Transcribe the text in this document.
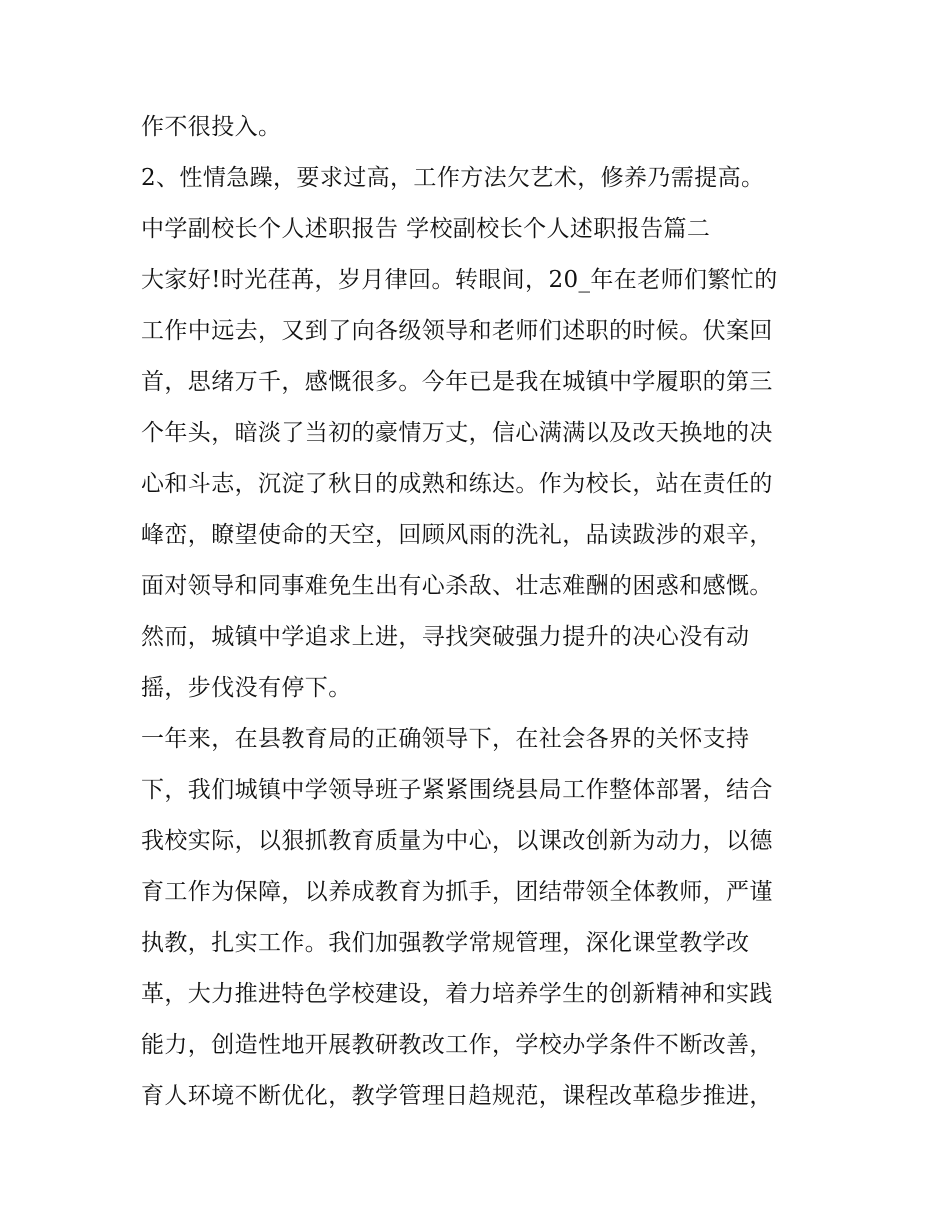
作不很投入。
2、性情急躁，要求过高，工作方法欠艺术，修养乃需提高。
中学副校长个人述职报告 学校副校长个人述职报告篇二
大家好!时光荏苒，岁月律回。转眼间，20_年在老师们繁忙的
工作中远去，又到了向各级领导和老师们述职的时候。伏案回
首，思绪万千，感慨很多。今年已是我在城镇中学履职的第三
个年头，暗淡了当初的豪情万丈，信心满满以及改天换地的决
心和斗志，沉淀了秋日的成熟和练达。作为校长，站在责任的
峰峦，瞭望使命的天空，回顾风雨的洗礼，品读跋涉的艰辛，
面对领导和同事难免生出有心杀敌、壮志难酬的困惑和感慨。
然而，城镇中学追求上进，寻找突破强力提升的决心没有动
摇，步伐没有停下。
一年来，在县教育局的正确领导下，在社会各界的关怀支持
下，我们城镇中学领导班子紧紧围绕县局工作整体部署，结合
我校实际，以狠抓教育质量为中心，以课改创新为动力，以德
育工作为保障，以养成教育为抓手，团结带领全体教师，严谨
执教，扎实工作。我们加强教学常规管理，深化课堂教学改
革，大力推进特色学校建设，着力培养学生的创新精神和实践
能力，创造性地开展教研教改工作，学校办学条件不断改善，
育人环境不断优化，教学管理日趋规范，课程改革稳步推进，
